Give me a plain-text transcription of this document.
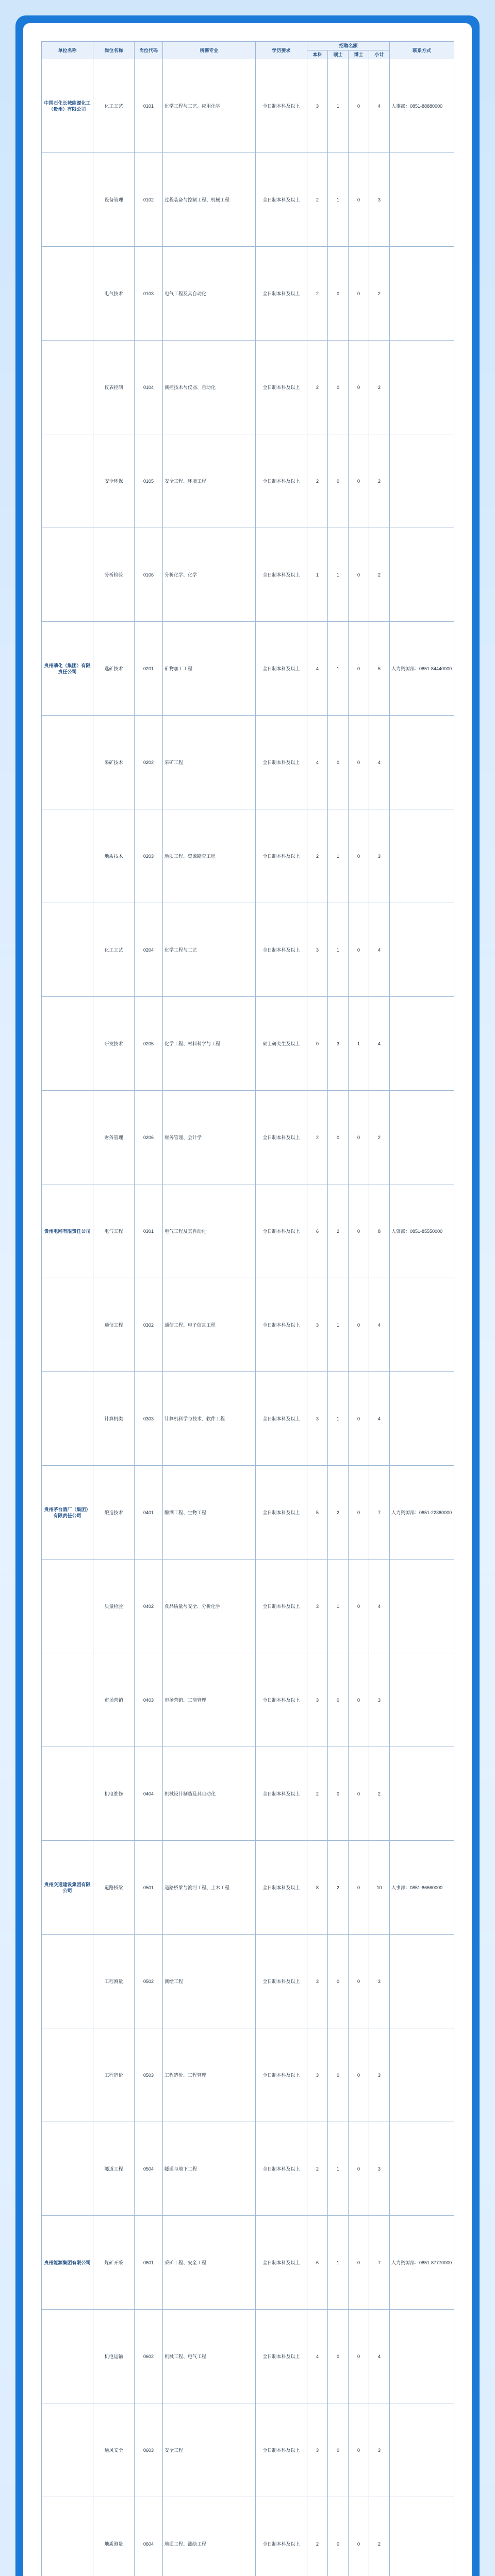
单位名称	岗位名称	岗位代码	所需专业	学历要求	招聘名额				联系方式
					本科	硕士	博士	小计	
中国石化长城能源化工（贵州）有限公司	化工工艺	0101	化学工程与工艺、应用化学	全日制本科及以上	3	1	0	4	人事部：0851-88880000
	设备管理	0102	过程装备与控制工程、机械工程	全日制本科及以上	2	1	0	3	
	电气技术	0103	电气工程及其自动化	全日制本科及以上	2	0	0	2	
	仪表控制	0104	测控技术与仪器、自动化	全日制本科及以上	2	0	0	2	
	安全环保	0105	安全工程、环境工程	全日制本科及以上	2	0	0	2	
	分析检验	0106	分析化学、化学	全日制本科及以上	1	1	0	2	
贵州磷化（集团）有限责任公司	选矿技术	0201	矿物加工工程	全日制本科及以上	4	1	0	5	人力资源部：0851-84440000
	采矿技术	0202	采矿工程	全日制本科及以上	4	0	0	4	
	地质技术	0203	地质工程、资源勘查工程	全日制本科及以上	2	1	0	3	
	化工工艺	0204	化学工程与工艺	全日制本科及以上	3	1	0	4	
	研发技术	0205	化学工程、材料科学与工程	硕士研究生及以上	0	3	1	4	
	财务管理	0206	财务管理、会计学	全日制本科及以上	2	0	0	2	
贵州电网有限责任公司	电气工程	0301	电气工程及其自动化	全日制本科及以上	6	2	0	8	人资部：0851-85550000
	通信工程	0302	通信工程、电子信息工程	全日制本科及以上	3	1	0	4	
	计算机类	0303	计算机科学与技术、软件工程	全日制本科及以上	3	1	0	4	
贵州茅台酒厂（集团）有限责任公司	酿造技术	0401	酿酒工程、生物工程	全日制本科及以上	5	2	0	7	人力资源部：0851-22380000
	质量检验	0402	食品质量与安全、分析化学	全日制本科及以上	3	1	0	4	
	市场营销	0403	市场营销、工商管理	全日制本科及以上	3	0	0	3	
	机电维修	0404	机械设计制造及其自动化	全日制本科及以上	2	0	0	2	
贵州交通建设集团有限公司	道路桥梁	0501	道路桥梁与渡河工程、土木工程	全日制本科及以上	8	2	0	10	人事部：0851-86660000
	工程测量	0502	测绘工程	全日制本科及以上	3	0	0	3	
	工程造价	0503	工程造价、工程管理	全日制本科及以上	3	0	0	3	
	隧道工程	0504	隧道与地下工程	全日制本科及以上	2	1	0	3	
贵州能源集团有限公司	煤矿开采	0601	采矿工程、安全工程	全日制本科及以上	6	1	0	7	人力资源部：0851-87770000
	机电运输	0602	机械工程、电气工程	全日制本科及以上	4	0	0	4	
	通风安全	0603	安全工程	全日制本科及以上	3	0	0	3	
	地质测量	0604	地质工程、测绘工程	全日制本科及以上	2	0	0	2	
